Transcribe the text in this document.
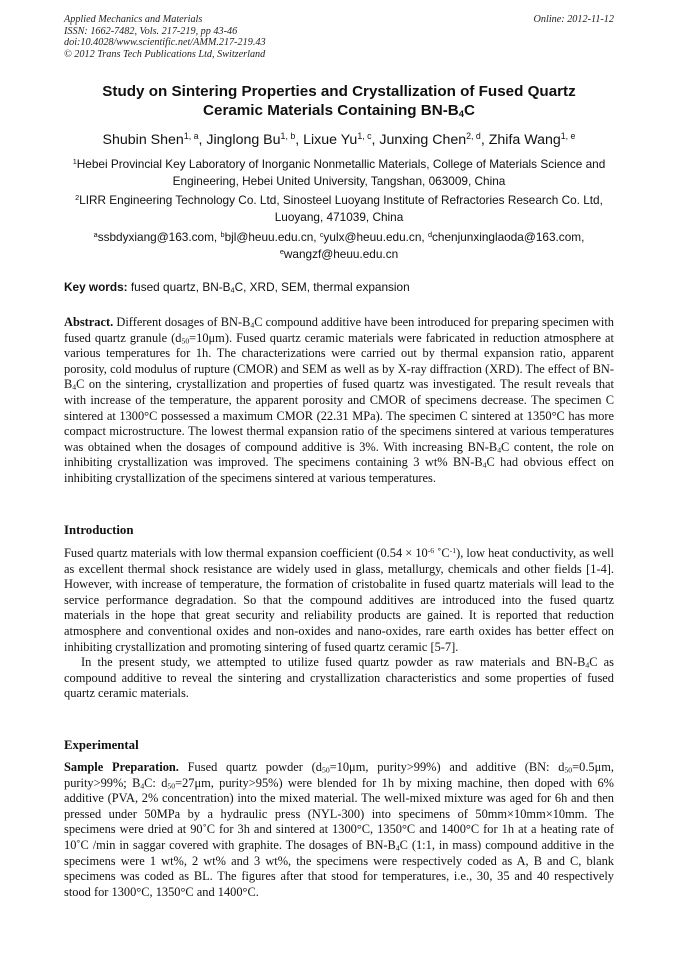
Applied Mechanics and Materials	Online: 2012-11-12
ISSN: 1662-7482, Vols. 217-219, pp 43-46
doi:10.4028/www.scientific.net/AMM.217-219.43
© 2012 Trans Tech Publications Ltd, Switzerland
Study on Sintering Properties and Crystallization of Fused Quartz
Ceramic Materials Containing $BN-B_4C$
Shubin Shen$^{1, a}$, Jinglong Bu$^{1, b}$, Lixue Yu$^{1, c}$, Junxing Chen$^{2, d}$, Zhifa Wang$^{1, e}$
$^1$Hebei Provincial Key Laboratory of Inorganic Nonmetallic Materials, College of Materials Science and Engineering, Hebei United University, Tangshan, 063009, China
$^2$LIRR Engineering Technology Co. Ltd, Sinosteel Luoyang Institute of Refractories Research Co. Ltd, Luoyang, 471039, China
$^a$ssbdyxiang@163.com, $^b$bjl@heuu.edu.cn, $^c$yulx@heuu.edu.cn, $^d$chenjunxinglaoda@163.com,
$^e$wangzf@heuu.edu.cn
Key words: fused quartz, $BN-B_4C$, XRD, SEM, thermal expansion

Abstract. Different dosages of $BN-B_4C$ compound additive have been introduced for preparing specimen with fused quartz granule $(d_{50}=10\mu m)$. Fused quartz ceramic materials were fabricated in reduction atmosphere at various temperatures for 1h. The characterizations were carried out by thermal expansion ratio, apparent porosity, cold modulus of rupture (CMOR) and SEM as well as by X-ray diffraction (XRD). The effect of $BN-B_4C$ on the sintering, crystallization and properties of fused quartz was investigated. The result reveals that with increase of the temperature, the apparent porosity and CMOR of specimens decrease. The specimen C sintered at 1300°C possessed a maximum CMOR (22.31 MPa). The specimen C sintered at 1350°C has more compact microstructure. The lowest thermal expansion ratio of the specimens sintered at various temperatures was obtained when the dosages of compound additive is 3%. With increasing $BN-B_4C$ content, the role on inhibiting crystallization was improved. The specimens containing 3 wt% $BN-B_4C$ had obvious effect on inhibiting crystallization of the specimens sintered at various temperatures.

Introduction

Fused quartz materials with low thermal expansion coefficient ($0.54 \times 10^{-6}$ $˚C^{-1}$), low heat conductivity, as well as excellent thermal shock resistance are widely used in glass, metallurgy, chemicals and other fields [1-4]. However, with increase of temperature, the formation of cristobalite in fused quartz materials will lead to the service performance degradation. So that the compound additives are introduced into the fused quartz materials in the hope that great security and reliability products are gained. It is reported that reduction atmosphere and conventional oxides and non-oxides and nano-oxides, rare earth oxides has better effect on inhibiting crystallization and promoting sintering of fused quartz ceramic [5-7].

In the present study, we attempted to utilize fused quartz powder as raw materials and $BN-B_4C$ as compound additive to reveal the sintering and crystallization characteristics and some properties of fused quartz ceramic materials.

Experimental

Sample Preparation. Fused quartz powder ($d_{50}=10\mu m$, purity>99%) and additive (BN: $d_{50}=0.5\mu m$, purity>99%; $B_4C$: $d_{50}=27\mu m$, purity>95%) were blended for 1h by mixing machine, then doped with 6% additive (PVA, 2% concentration) into the mixed material. The well-mixed mixture was aged for 6h and then pressed under 50MPa by a hydraulic press (NYL-300) into specimens of 50mm×10mm×10mm. The specimens were dried at 90˚C for 3h and sintered at 1300°C, 1350°C and 1400°C for 1h at a heating rate of 10˚C /min in saggar covered with graphite. The dosages of $BN-B_4C$ (1:1, in mass) compound additive in the specimens were 1 wt%, 2 wt% and 3 wt%, the specimens were respectively coded as A, B and C, blank specimens was coded as BL. The figures after that stood for temperatures, i.e., 30, 35 and 40 respectively stood for 1300°C, 1350°C and 1400°C.
